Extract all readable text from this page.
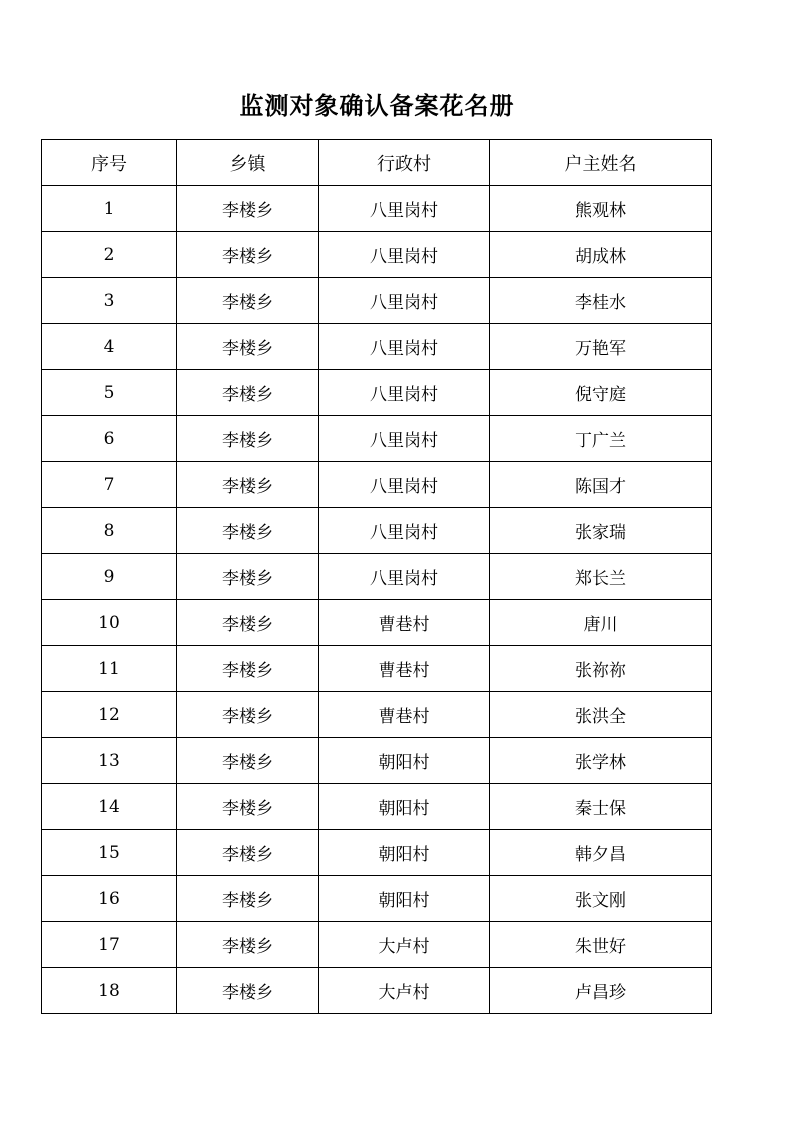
监测对象确认备案花名册
序号	乡镇	行政村	户主姓名
1	李楼乡	八里岗村	熊观林
2	李楼乡	八里岗村	胡成林
3	李楼乡	八里岗村	李桂水
4	李楼乡	八里岗村	万艳军
5	李楼乡	八里岗村	倪守庭
6	李楼乡	八里岗村	丁广兰
7	李楼乡	八里岗村	陈国才
8	李楼乡	八里岗村	张家瑞
9	李楼乡	八里岗村	郑长兰
10	李楼乡	曹巷村	唐川
11	李楼乡	曹巷村	张祢祢
12	李楼乡	曹巷村	张洪全
13	李楼乡	朝阳村	张学林
14	李楼乡	朝阳村	秦士保
15	李楼乡	朝阳村	韩夕昌
16	李楼乡	朝阳村	张文刚
17	李楼乡	大卢村	朱世好
18	李楼乡	大卢村	卢昌珍
